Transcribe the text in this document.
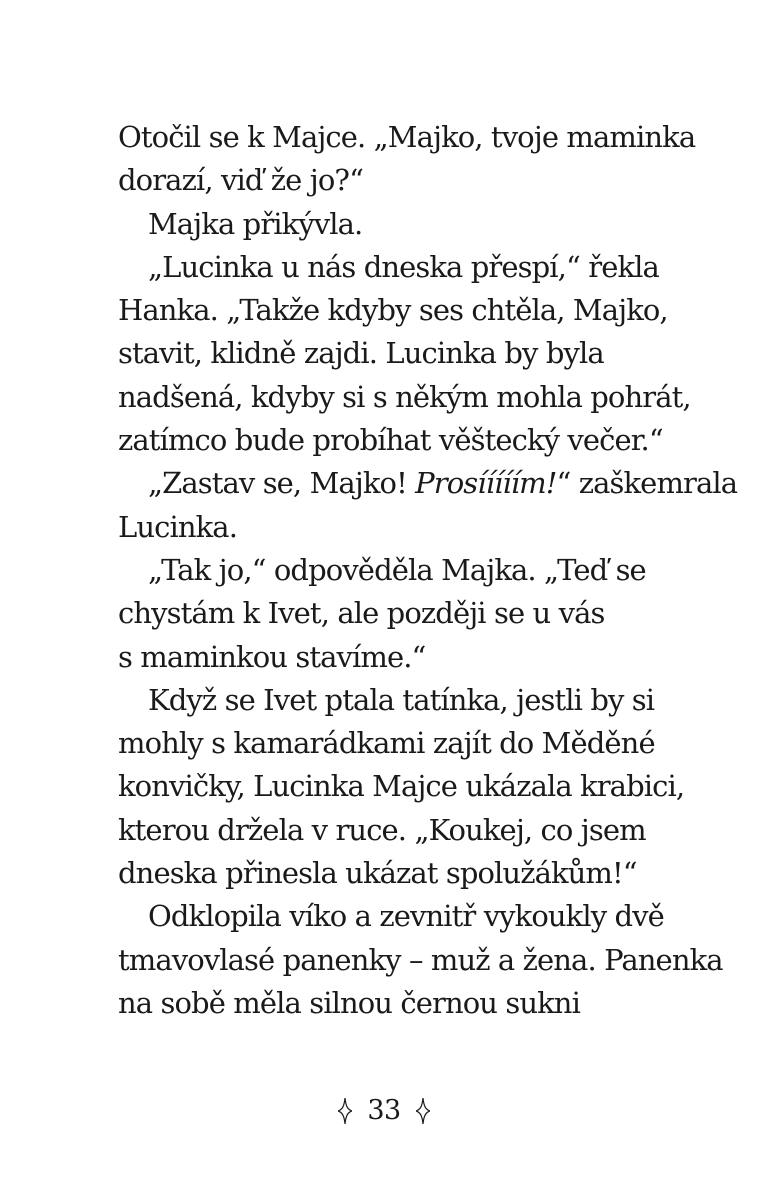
Otočil se k Majce. „Majko, tvoje maminka

dorazí, viď že jo?“

Majka přikývla.

„Lucinka u nás dneska přespí,“ řekla

Hanka. „Takže kdyby ses chtěla, Majko,

stavit, klidně zajdi. Lucinka by byla

nadšená, kdyby si s někým mohla pohrát,

zatímco bude probíhat věštecký večer.“

„Zastav se, Majko! Prosííííím!“ zaškemrala

Lucinka.

„Tak jo,“ odpověděla Majka. „Teď se

chystám k Ivet, ale později se u vás

s maminkou stavíme.“

Když se Ivet ptala tatínka, jestli by si

mohly s kamarádkami zajít do Měděné

konvičky, Lucinka Majce ukázala krabici,

kterou držela v ruce. „Koukej, co jsem

dneska přinesla ukázat spolužákům!“

Odklopila víko a zevnitř vykoukly dvě

tmavovlasé panenky – muž a žena. Panenka

na sobě měla silnou černou sukni

33
